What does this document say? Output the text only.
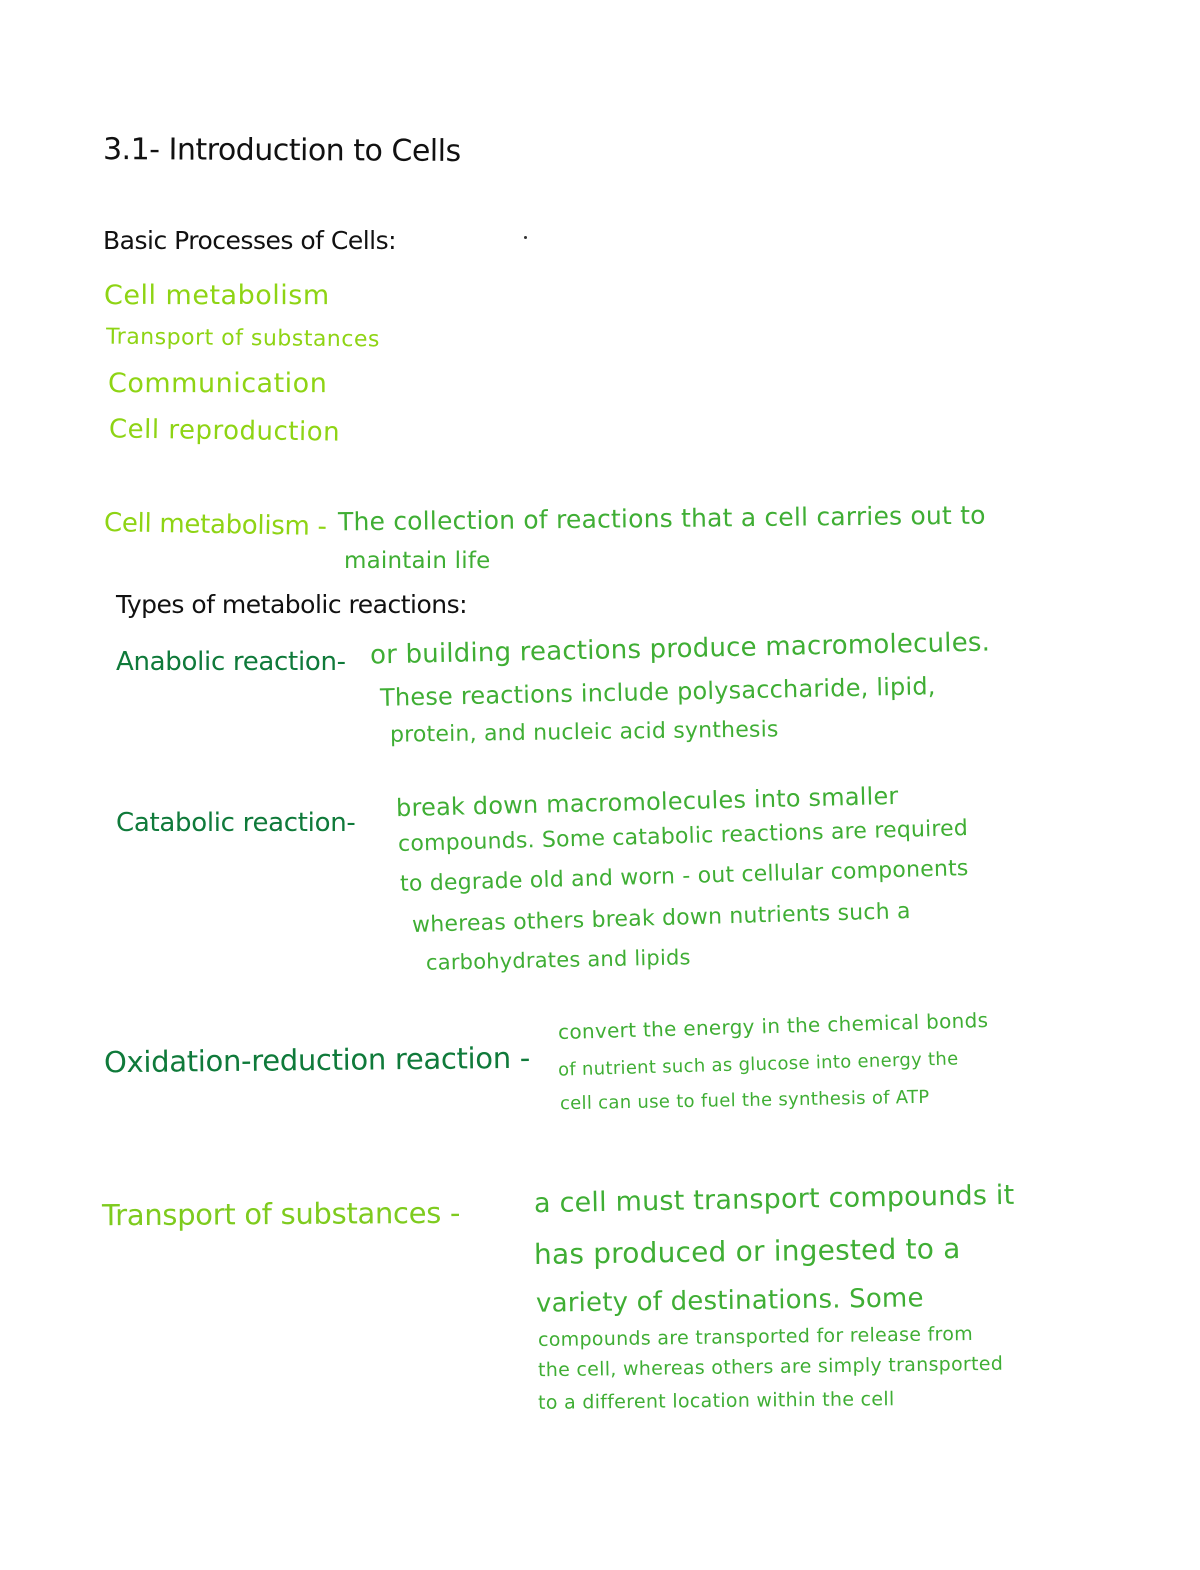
3.1- Introduction to Cells
Basic Processes of Cells:
Cell metabolism
Transport of substances
Communication
Cell reproduction
Cell metabolism - The collection of reactions that a cell carries out to
maintain life
Types of metabolic reactions:
Anabolic reaction- or building reactions produce macromolecules.
These reactions include polysaccharide, lipid,
protein, and nucleic acid synthesis
Catabolic reaction-
break down macromolecules into smaller
compounds. Some catabolic reactions are required
to degrade old and worn - out cellular components
whereas others break down nutrients such a
carbohydrates and lipids
Oxidation-reduction reaction -
convert the energy in the chemical bonds
of nutrient such as glucose into energy the
cell can use to fuel the synthesis of ATP
Transport of substances -	a cell must transport compounds it
has produced or ingested to a
variety of destinations. Some
compounds are transported for release from
the cell, whereas others are simply transported
to a different location within the cell
